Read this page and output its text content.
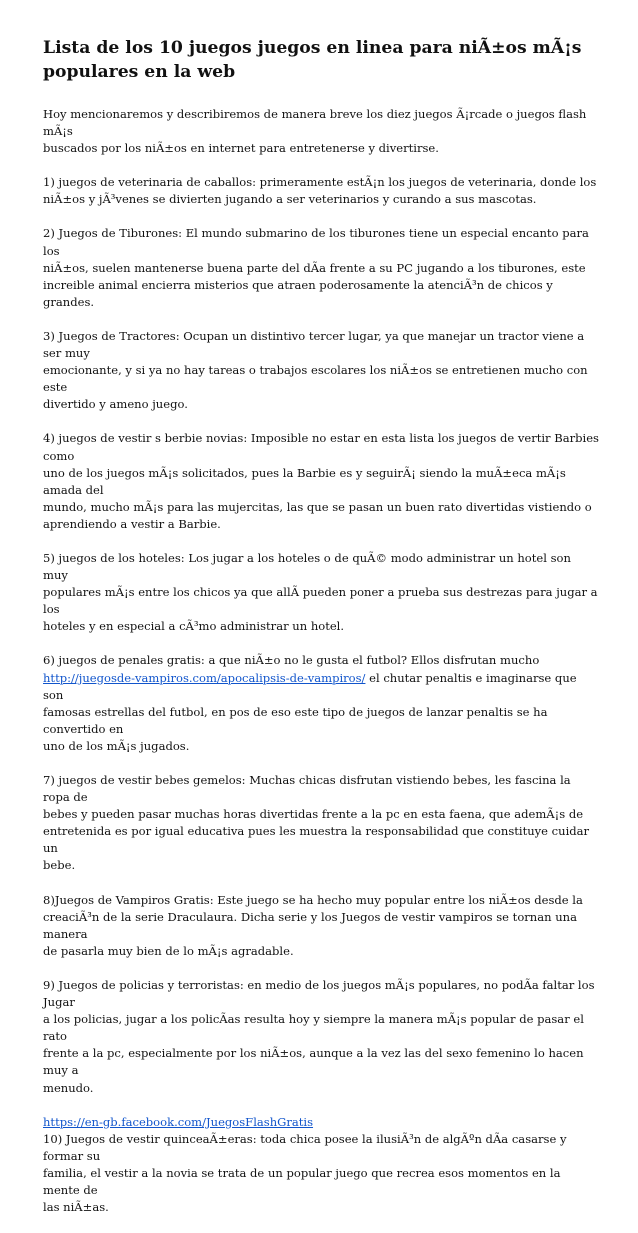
Lista de los 10 juegos juegos en linea para niÃ±os mÃ¡s
populares en la web

Hoy mencionaremos y describiremos de manera breve los diez juegos Ã¡rcade o juegos flash mÃ¡s
buscados por los niÃ±os en internet para entretenerse y divertirse.

1) juegos de veterinaria de caballos: primeramente estÃ¡n los juegos de veterinaria, donde los
niÃ±os y jÃ³venes se divierten jugando a ser veterinarios y curando a sus mascotas.

2) Juegos de Tiburones: El mundo submarino de los tiburones tiene un especial encanto para los
niÃ±os, suelen mantenerse buena parte del dÃa frente a su PC jugando a los tiburones, este
increible animal encierra misterios que atraen poderosamente la atenciÃ³n de chicos y grandes.

3) Juegos de Tractores: Ocupan un distintivo tercer lugar, ya que manejar un tractor viene a ser muy
emocionante, y si ya no hay tareas o trabajos escolares los niÃ±os se entretienen mucho con este
divertido y ameno juego.

4) juegos de vestir s berbie novias: Imposible no estar en esta lista los juegos de vertir Barbies como
uno de los juegos mÃ¡s solicitados, pues la Barbie es y seguirÃ¡ siendo la muÃ±eca mÃ¡s amada del
mundo, mucho mÃ¡s para las mujercitas, las que se pasan un buen rato divertidas vistiendo o
aprendiendo a vestir a Barbie.

5) juegos de los hoteles: Los jugar a los hoteles o de quÃ© modo administrar un hotel son muy
populares mÃ¡s entre los chicos ya que allÃ pueden poner a prueba sus destrezas para jugar a los
hoteles y en especial a cÃ³mo administrar un hotel.

6) juegos de penales gratis: a que niÃ±o no le gusta el futbol? Ellos disfrutan mucho
http://juegosde-vampiros.com/apocalipsis-de-vampiros/ el chutar penaltis e imaginarse que son
famosas estrellas del futbol, en pos de eso este tipo de juegos de lanzar penaltis se ha convertido en
uno de los mÃ¡s jugados.

7) juegos de vestir bebes gemelos: Muchas chicas disfrutan vistiendo bebes, les fascina la ropa de
bebes y pueden pasar muchas horas divertidas frente a la pc en esta faena, que ademÃ¡s de
entretenida es por igual educativa pues les muestra la responsabilidad que constituye cuidar un
bebe.

8)Juegos de Vampiros Gratis: Este juego se ha hecho muy popular entre los niÃ±os desde la
creaciÃ³n de la serie Draculaura. Dicha serie y los Juegos de vestir vampiros se tornan una manera
de pasarla muy bien de lo mÃ¡s agradable.

9) Juegos de policias y terroristas: en medio de los juegos mÃ¡s populares, no podÃa faltar los Jugar
a los policias, jugar a los policÃas resulta hoy y siempre la manera mÃ¡s popular de pasar el rato
frente a la pc, especialmente por los niÃ±os, aunque a la vez las del sexo femenino lo hacen muy a
menudo.

https://en-gb.facebook.com/JuegosFlashGratis

10) Juegos de vestir quinceaÃ±eras: toda chica posee la ilusiÃ³n de algÃºn dÃa casarse y formar su
familia, el vestir a la novia se trata de un popular juego que recrea esos momentos en la mente de
las niÃ±as.
